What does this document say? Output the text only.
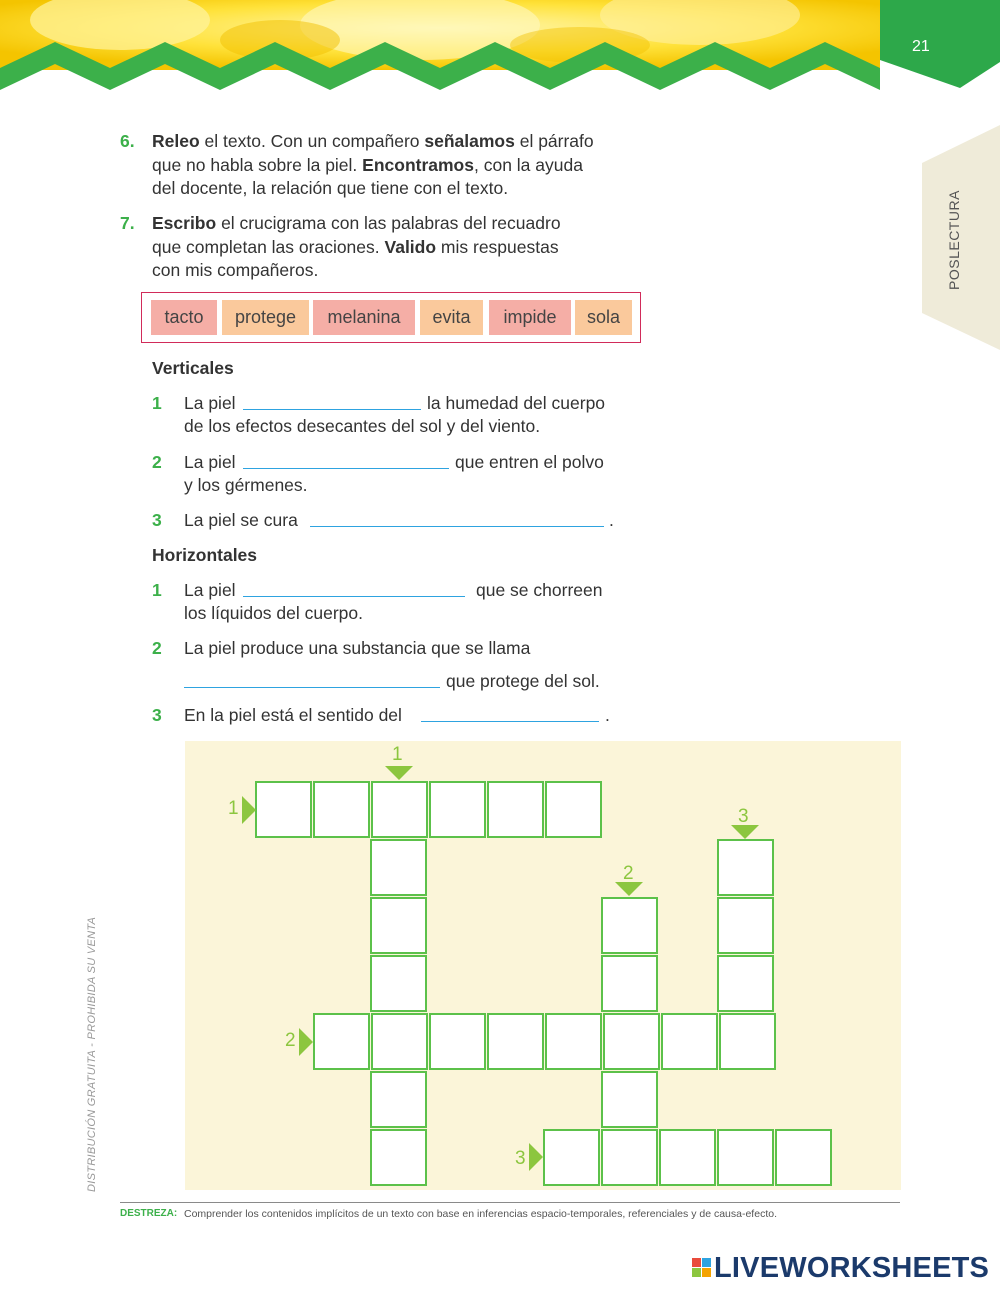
21
POSLECTURA
6. Releo el texto. Con un compañero señalamos el párrafo
que no habla sobre la piel. Encontramos, con la ayuda
del docente, la relación que tiene con el texto.
7. Escribo el crucigrama con las palabras del recuadro
que completan las oraciones. Valido mis respuestas
con mis compañeros.
tacto	protege	melanina	evita	impide	sola
Verticales
1 La piel	la humedad del cuerpo
de los efectos desecantes del sol y del viento.
2 La piel	que entren el polvo
y los gérmenes.
3 La piel se cura	.
Horizontales
1 La piel	que se chorreen
los líquidos del cuerpo.
2 La piel produce una substancia que se llama
que protege del sol.
3 En la piel está el sentido del	.
1
2
3
1
2
3
DESTREZA: Comprender los contenidos implícitos de un texto con base en inferencias espacio-temporales, referenciales y de causa-efecto.
DISTRIBUCIÓN GRATUITA - PROHIBIDA SU VENTA
LIVEWORKSHEETS
